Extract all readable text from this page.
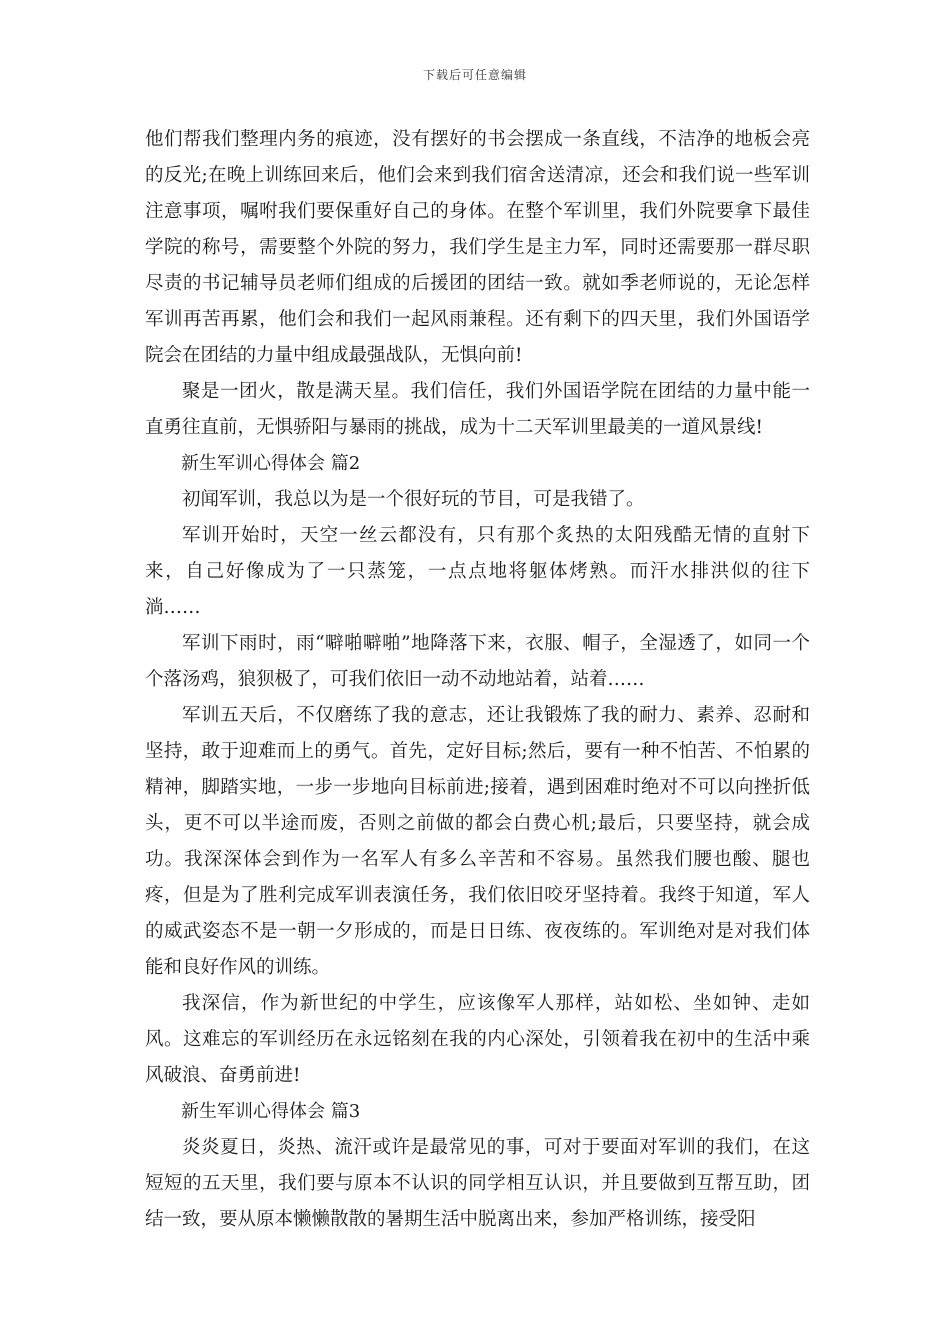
下载后可任意编辑

他们帮我们整理内务的痕迹，没有摆好的书会摆成一条直线，不洁净的地板会亮的反光;在晚上训练回来后，他们会来到我们宿舍送清凉，还会和我们说一些军训注意事项，嘱咐我们要保重好自己的身体。在整个军训里，我们外院要拿下最佳学院的称号，需要整个外院的努力，我们学生是主力军，同时还需要那一群尽职尽责的书记辅导员老师们组成的后援团的团结一致。就如季老师说的，无论怎样军训再苦再累，他们会和我们一起风雨兼程。还有剩下的四天里，我们外国语学院会在团结的力量中组成最强战队，无惧向前!

聚是一团火，散是满天星。我们信任，我们外国语学院在团结的力量中能一直勇往直前，无惧骄阳与暴雨的挑战，成为十二天军训里最美的一道风景线!

新生军训心得体会 篇2

初闻军训，我总以为是一个很好玩的节目，可是我错了。

军训开始时，天空一丝云都没有，只有那个炙热的太阳残酷无情的直射下来，自己好像成为了一只蒸笼，一点点地将躯体烤熟。而汗水排洪似的往下淌……

军训下雨时，雨“噼啪噼啪”地降落下来，衣服、帽子，全湿透了，如同一个个落汤鸡，狼狈极了，可我们依旧一动不动地站着，站着……

军训五天后，不仅磨练了我的意志，还让我锻炼了我的耐力、素养、忍耐和坚持，敢于迎难而上的勇气。首先，定好目标;然后，要有一种不怕苦、不怕累的精神，脚踏实地，一步一步地向目标前进;接着，遇到困难时绝对不可以向挫折低头，更不可以半途而废，否则之前做的都会白费心机;最后，只要坚持，就会成功。我深深体会到作为一名军人有多么辛苦和不容易。虽然我们腰也酸、腿也疼，但是为了胜利完成军训表演任务，我们依旧咬牙坚持着。我终于知道，军人的威武姿态不是一朝一夕形成的，而是日日练、夜夜练的。军训绝对是对我们体能和良好作风的训练。

我深信，作为新世纪的中学生，应该像军人那样，站如松、坐如钟、走如风。这难忘的军训经历在永远铭刻在我的内心深处，引领着我在初中的生活中乘风破浪、奋勇前进!

新生军训心得体会 篇3

炎炎夏日，炎热、流汗或许是最常见的事，可对于要面对军训的我们，在这短短的五天里，我们要与原本不认识的同学相互认识，并且要做到互帮互助，团结一致，要从原本懒懒散散的暑期生活中脱离出来，参加严格训练，接受阳
